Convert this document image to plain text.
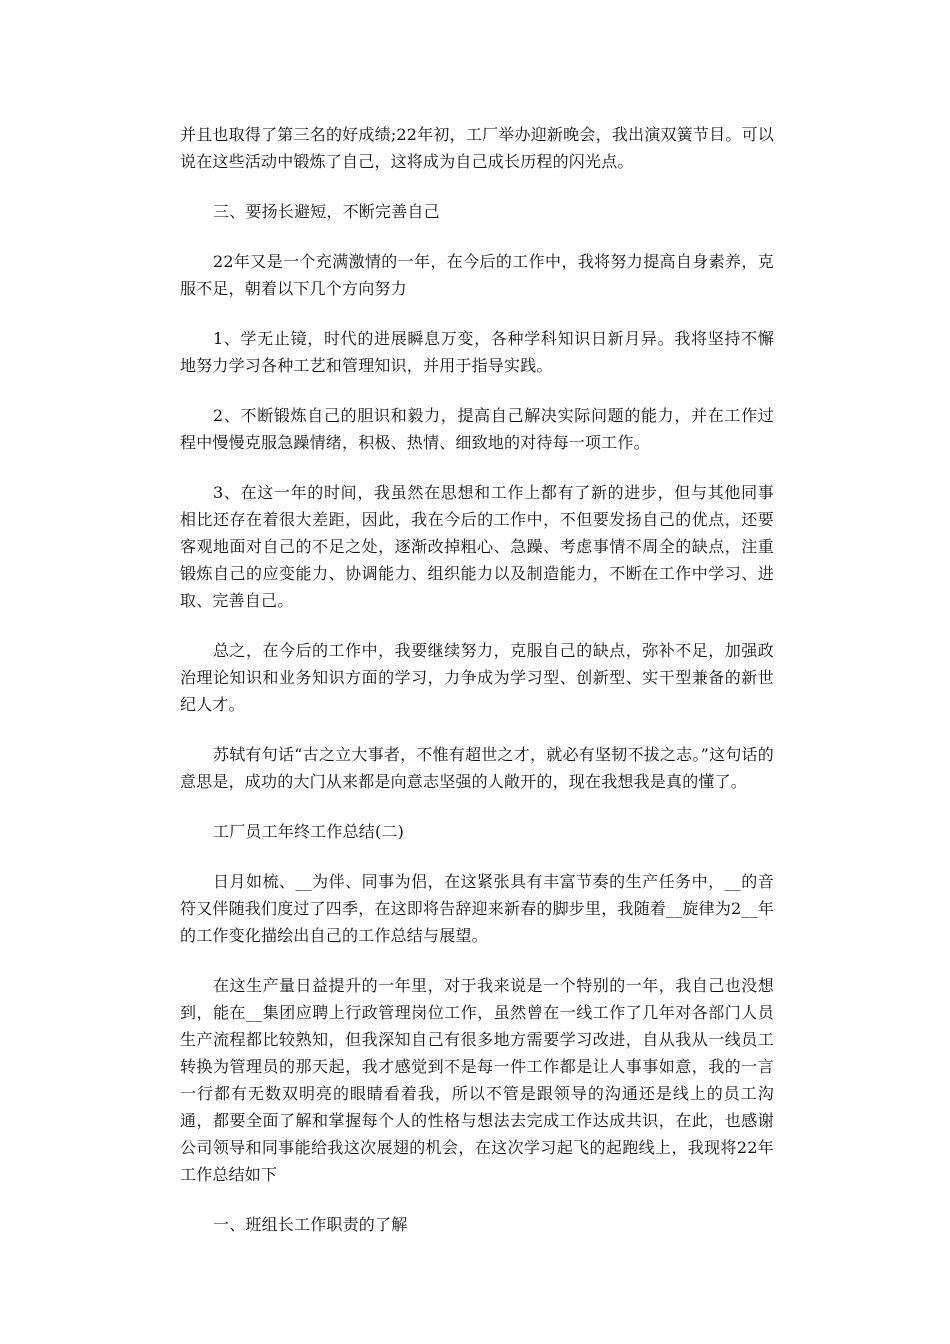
并且也取得了第三名的好成绩;22年初，工厂举办迎新晚会，我出演双簧节目。可以说在这些活动中锻炼了自己，这将成为自己成长历程的闪光点。

三、要扬长避短，不断完善自己

22年又是一个充满激情的一年，在今后的工作中，我将努力提高自身素养，克服不足，朝着以下几个方向努力

1、学无止镜，时代的进展瞬息万变，各种学科知识日新月异。我将坚持不懈地努力学习各种工艺和管理知识，并用于指导实践。

2、不断锻炼自己的胆识和毅力，提高自己解决实际问题的能力，并在工作过程中慢慢克服急躁情绪，积极、热情、细致地的对待每一项工作。

3、在这一年的时间，我虽然在思想和工作上都有了新的进步，但与其他同事相比还存在着很大差距，因此，我在今后的工作中，不但要发扬自己的优点，还要客观地面对自己的不足之处，逐渐改掉粗心、急躁、考虑事情不周全的缺点，注重锻炼自己的应变能力、协调能力、组织能力以及制造能力，不断在工作中学习、进取、完善自己。

总之，在今后的工作中，我要继续努力，克服自己的缺点，弥补不足，加强政治理论知识和业务知识方面的学习，力争成为学习型、创新型、实干型兼备的新世纪人才。

苏轼有句话“古之立大事者，不惟有超世之才，就必有坚韧不拔之志。”这句话的意思是，成功的大门从来都是向意志坚强的人敞开的，现在我想我是真的懂了。

工厂员工年终工作总结(二)

日月如梳、__为伴、同事为侣，在这紧张具有丰富节奏的生产任务中，__的音符又伴随我们度过了四季，在这即将告辞迎来新春的脚步里，我随着__旋律为2__年的工作变化描绘出自己的工作总结与展望。

在这生产量日益提升的一年里，对于我来说是一个特别的一年，我自己也没想到，能在__集团应聘上行政管理岗位工作，虽然曾在一线工作了几年对各部门人员生产流程都比较熟知，但我深知自己有很多地方需要学习改进，自从我从一线员工转换为管理员的那天起，我才感觉到不是每一件工作都是让人事事如意，我的一言一行都有无数双明亮的眼睛看着我，所以不管是跟领导的沟通还是线上的员工沟通，都要全面了解和掌握每个人的性格与想法去完成工作达成共识，在此，也感谢公司领导和同事能给我这次展翅的机会，在这次学习起飞的起跑线上，我现将22年工作总结如下

一、班组长工作职责的了解
